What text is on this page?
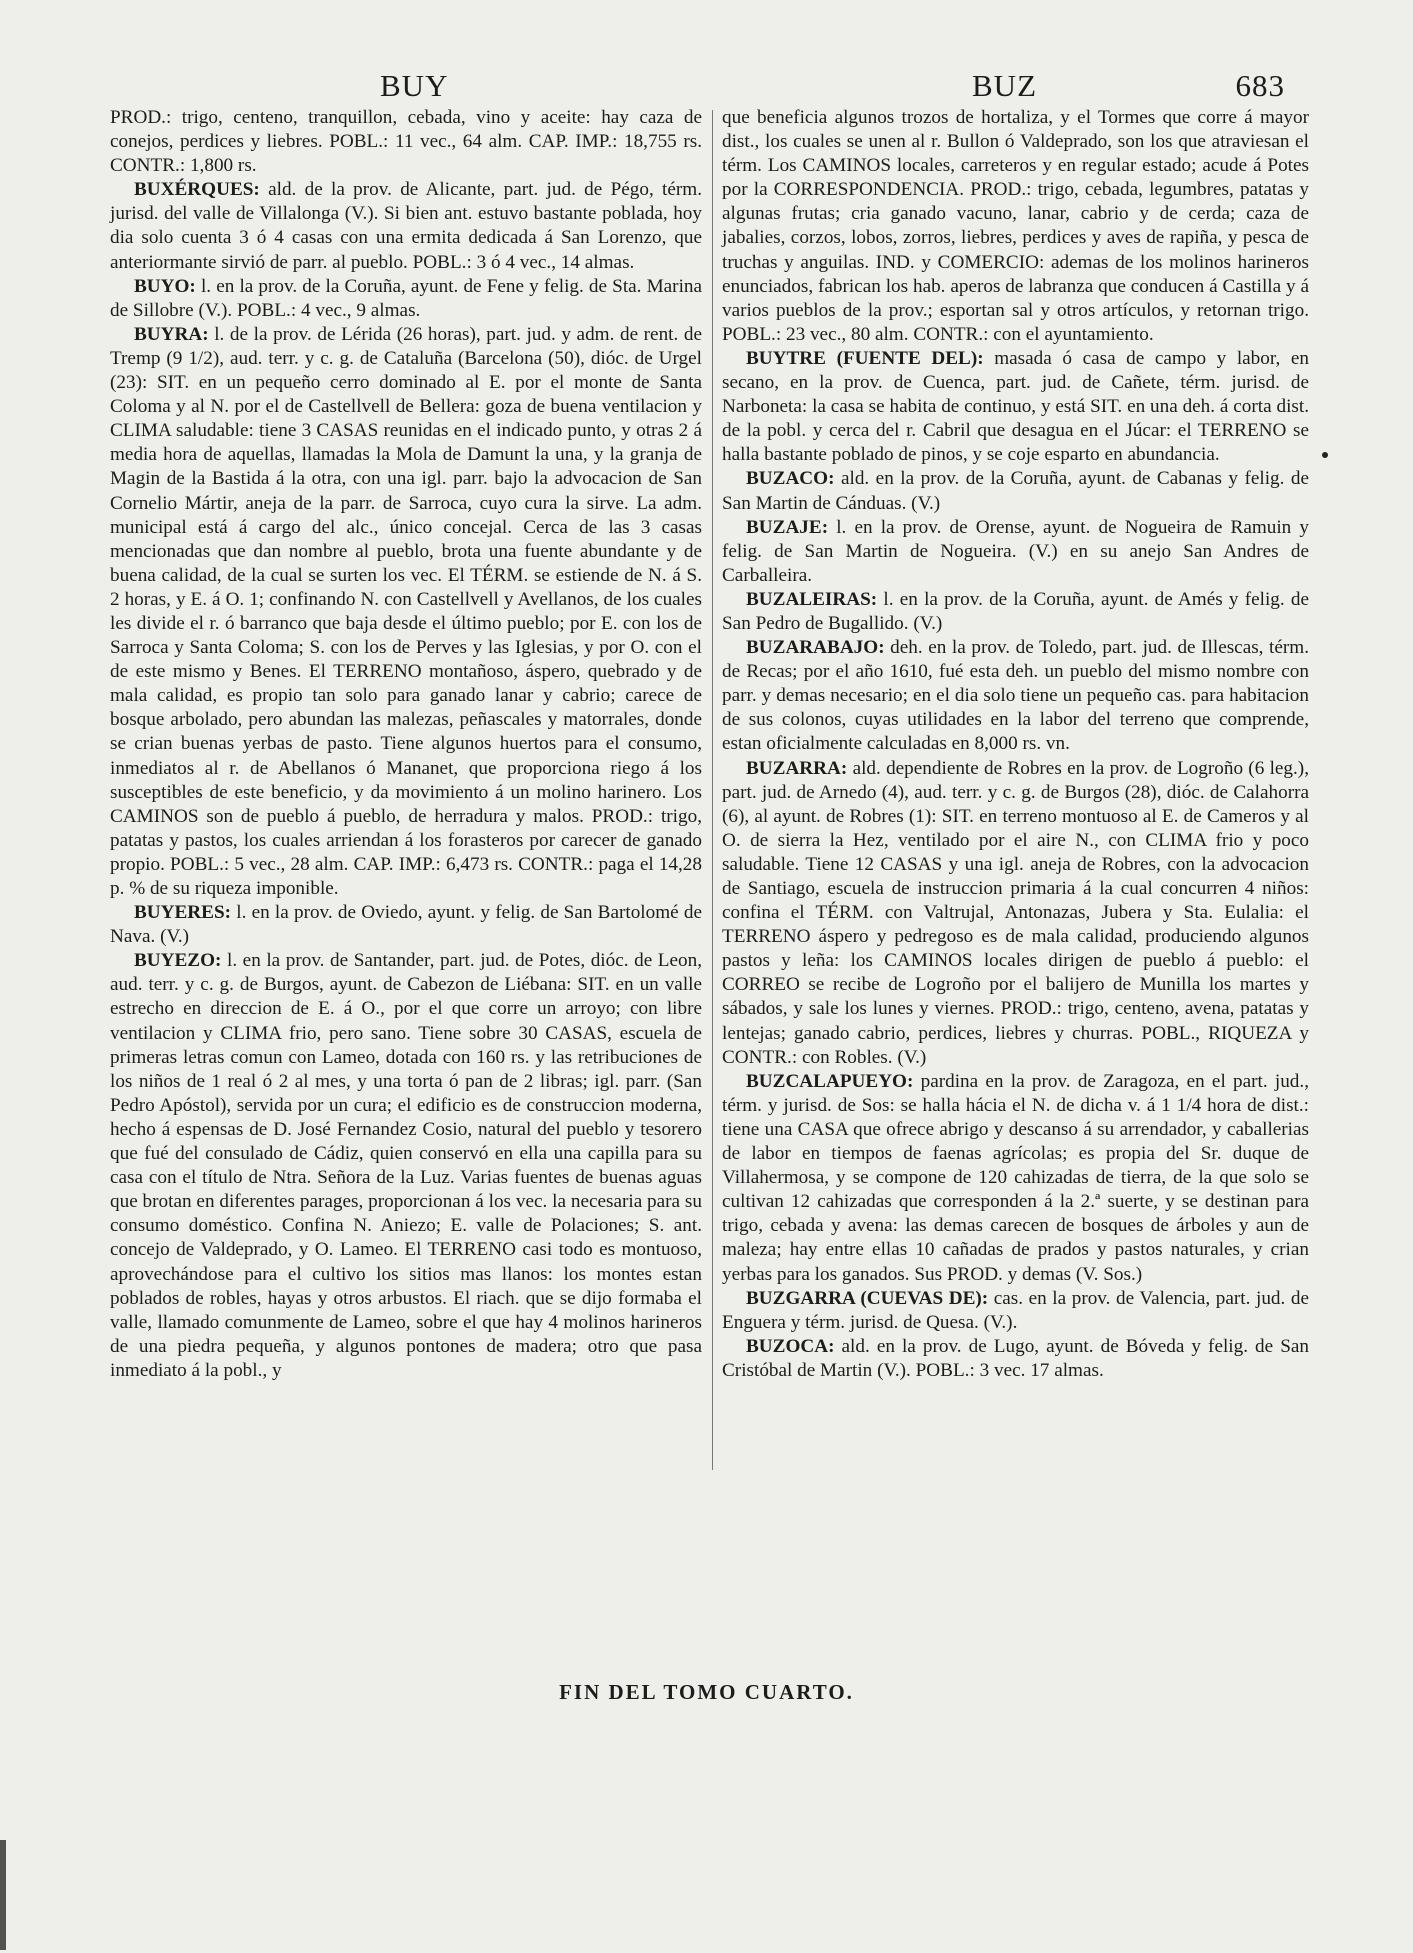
BUY	BUZ	683

PROD.: trigo, centeno, tranquillon, cebada, vino y aceite: hay caza de conejos, perdices y liebres. POBL.: 11 vec., 64 alm. CAP. IMP.: 18,755 rs. CONTR.: 1,800 rs.

BUXÉRQUES: ald. de la prov. de Alicante, part. jud. de Pégo, térm. jurisd. del valle de Villalonga (V.). Si bien ant. estuvo bastante poblada, hoy dia solo cuenta 3 ó 4 casas con una ermita dedicada á San Lorenzo, que anteriormante sirvió de parr. al pueblo. POBL.: 3 ó 4 vec., 14 almas.

BUYO: l. en la prov. de la Coruña, ayunt. de Fene y felig. de Sta. Marina de Sillobre (V.). POBL.: 4 vec., 9 almas.

BUYRA: l. de la prov. de Lérida (26 horas), part. jud. y adm. de rent. de Tremp (9 1/2), aud. terr. y c. g. de Cataluña (Barcelona (50), dióc. de Urgel (23): SIT. en un pequeño cerro dominado al E. por el monte de Santa Coloma y al N. por el de Castellvell de Bellera: goza de buena ventilacion y CLIMA saludable: tiene 3 CASAS reunidas en el indicado punto, y otras 2 á media hora de aquellas, llamadas la Mola de Damunt la una, y la granja de Magin de la Bastida á la otra, con una igl. parr. bajo la advocacion de San Cornelio Mártir, aneja de la parr. de Sarroca, cuyo cura la sirve. La adm. municipal está á cargo del alc., único concejal. Cerca de las 3 casas mencionadas que dan nombre al pueblo, brota una fuente abundante y de buena calidad, de la cual se surten los vec. El TÉRM. se estiende de N. á S. 2 horas, y E. á O. 1; confinando N. con Castellvell y Avellanos, de los cuales les divide el r. ó barranco que baja desde el último pueblo; por E. con los de Sarroca y Santa Coloma; S. con los de Perves y las Iglesias, y por O. con el de este mismo y Benes. El TERRENO montañoso, áspero, quebrado y de mala calidad, es propio tan solo para ganado lanar y cabrio; carece de bosque arbolado, pero abundan las malezas, peñascales y matorrales, donde se crian buenas yerbas de pasto. Tiene algunos huertos para el consumo, inmediatos al r. de Abellanos ó Mananet, que proporciona riego á los susceptibles de este beneficio, y da movimiento á un molino harinero. Los CAMINOS son de pueblo á pueblo, de herradura y malos. PROD.: trigo, patatas y pastos, los cuales arriendan á los forasteros por carecer de ganado propio. POBL.: 5 vec., 28 alm. CAP. IMP.: 6,473 rs. CONTR.: paga el 14,28 p. % de su riqueza imponible.

BUYERES: l. en la prov. de Oviedo, ayunt. y felig. de San Bartolomé de Nava. (V.)

BUYEZO: l. en la prov. de Santander, part. jud. de Potes, dióc. de Leon, aud. terr. y c. g. de Burgos, ayunt. de Cabezon de Liébana: SIT. en un valle estrecho en direccion de E. á O., por el que corre un arroyo; con libre ventilacion y CLIMA frio, pero sano. Tiene sobre 30 CASAS, escuela de primeras letras comun con Lameo, dotada con 160 rs. y las retribuciones de los niños de 1 real ó 2 al mes, y una torta ó pan de 2 libras; igl. parr. (San Pedro Apóstol), servida por un cura; el edificio es de construccion moderna, hecho á espensas de D. José Fernandez Cosio, natural del pueblo y tesorero que fué del consulado de Cádiz, quien conservó en ella una capilla para su casa con el título de Ntra. Señora de la Luz. Varias fuentes de buenas aguas que brotan en diferentes parages, proporcionan á los vec. la necesaria para su consumo doméstico. Confina N. Aniezo; E. valle de Polaciones; S. ant. concejo de Valdeprado, y O. Lameo. El TERRENO casi todo es montuoso, aprovechándose para el cultivo los sitios mas llanos: los montes estan poblados de robles, hayas y otros arbustos. El riach. que se dijo formaba el valle, llamado comunmente de Lameo, sobre el que hay 4 molinos harineros de una piedra pequeña, y algunos pontones de madera; otro que pasa inmediato á la pobl., y

que beneficia algunos trozos de hortaliza, y el Tormes que corre á mayor dist., los cuales se unen al r. Bullon ó Valdeprado, son los que atraviesan el térm. Los CAMINOS locales, carreteros y en regular estado; acude á Potes por la CORRESPONDENCIA. PROD.: trigo, cebada, legumbres, patatas y algunas frutas; cria ganado vacuno, lanar, cabrio y de cerda; caza de jabalies, corzos, lobos, zorros, liebres, perdices y aves de rapiña, y pesca de truchas y anguilas. IND. y COMERCIO: ademas de los molinos harineros enunciados, fabrican los hab. aperos de labranza que conducen á Castilla y á varios pueblos de la prov.; esportan sal y otros artículos, y retornan trigo. POBL.: 23 vec., 80 alm. CONTR.: con el ayuntamiento.

BUYTRE (FUENTE DEL): masada ó casa de campo y labor, en secano, en la prov. de Cuenca, part. jud. de Cañete, térm. jurisd. de Narboneta: la casa se habita de continuo, y está SIT. en una deh. á corta dist. de la pobl. y cerca del r. Cabril que desagua en el Júcar: el TERRENO se halla bastante poblado de pinos, y se coje esparto en abundancia.

BUZACO: ald. en la prov. de la Coruña, ayunt. de Cabanas y felig. de San Martin de Cánduas. (V.)

BUZAJE: l. en la prov. de Orense, ayunt. de Nogueira de Ramuin y felig. de San Martin de Nogueira. (V.) en su anejo San Andres de Carballeira.

BUZALEIRAS: l. en la prov. de la Coruña, ayunt. de Amés y felig. de San Pedro de Bugallido. (V.)

BUZARABAJO: deh. en la prov. de Toledo, part. jud. de Illescas, térm. de Recas; por el año 1610, fué esta deh. un pueblo del mismo nombre con parr. y demas necesario; en el dia solo tiene un pequeño cas. para habitacion de sus colonos, cuyas utilidades en la labor del terreno que comprende, estan oficialmente calculadas en 8,000 rs. vn.

BUZARRA: ald. dependiente de Robres en la prov. de Logroño (6 leg.), part. jud. de Arnedo (4), aud. terr. y c. g. de Burgos (28), dióc. de Calahorra (6), al ayunt. de Robres (1): SIT. en terreno montuoso al E. de Cameros y al O. de sierra la Hez, ventilado por el aire N., con CLIMA frio y poco saludable. Tiene 12 CASAS y una igl. aneja de Robres, con la advocacion de Santiago, escuela de instruccion primaria á la cual concurren 4 niños: confina el TÉRM. con Valtrujal, Antonazas, Jubera y Sta. Eulalia: el TERRENO áspero y pedregoso es de mala calidad, produciendo algunos pastos y leña: los CAMINOS locales dirigen de pueblo á pueblo: el CORREO se recibe de Logroño por el balijero de Munilla los martes y sábados, y sale los lunes y viernes. PROD.: trigo, centeno, avena, patatas y lentejas; ganado cabrio, perdices, liebres y churras. POBL., RIQUEZA y CONTR.: con Robles. (V.)

BUZCALAPUEYO: pardina en la prov. de Zaragoza, en el part. jud., térm. y jurisd. de Sos: se halla hácia el N. de dicha v. á 1 1/4 hora de dist.: tiene una CASA que ofrece abrigo y descanso á su arrendador, y caballerias de labor en tiempos de faenas agrícolas; es propia del Sr. duque de Villahermosa, y se compone de 120 cahizadas de tierra, de la que solo se cultivan 12 cahizadas que corresponden á la 2.ª suerte, y se destinan para trigo, cebada y avena: las demas carecen de bosques de árboles y aun de maleza; hay entre ellas 10 cañadas de prados y pastos naturales, y crian yerbas para los ganados. Sus PROD. y demas (V. Sos.)

BUZGARRA (CUEVAS DE): cas. en la prov. de Valencia, part. jud. de Enguera y térm. jurisd. de Quesa. (V.).

BUZOCA: ald. en la prov. de Lugo, ayunt. de Bóveda y felig. de San Cristóbal de Martin (V.). POBL.: 3 vec. 17 almas.

FIN DEL TOMO CUARTO.
